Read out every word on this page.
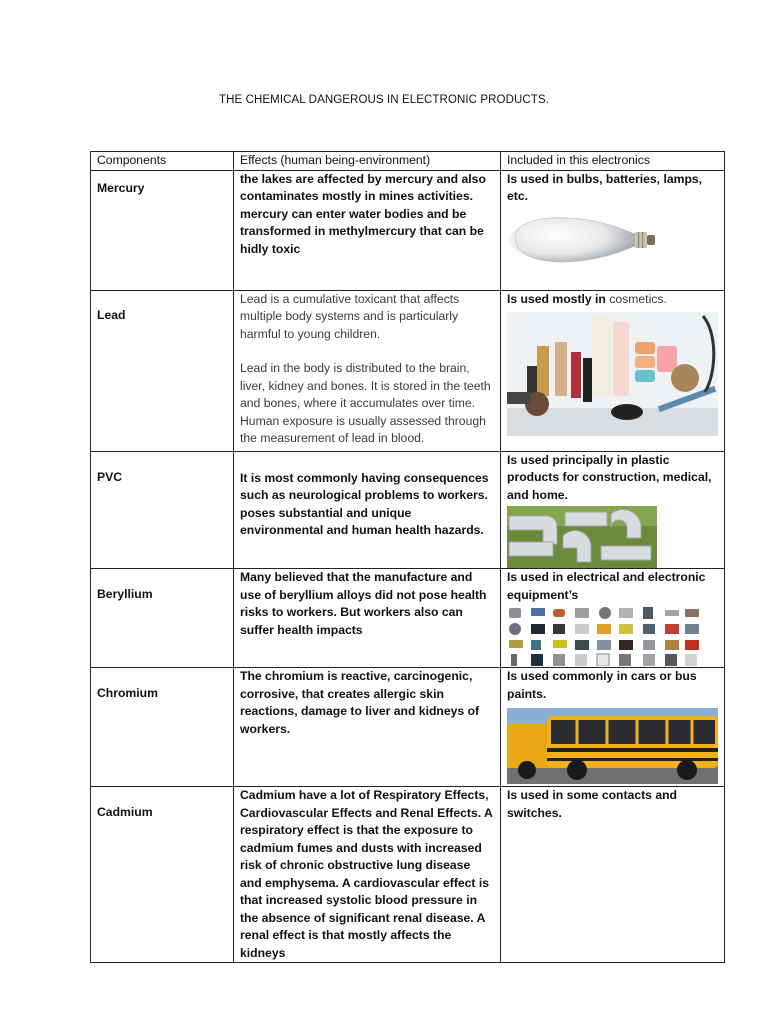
THE CHEMICAL DANGEROUS IN ELECTRONIC PRODUCTS.
Components	Effects (human being-environment)	Included in this electronics

Mercury	the lakes are affected by mercury and also contaminates mostly in mines activities. mercury can enter water bodies and be transformed in methylmercury that can be hidly toxic	Is used in bulbs, batteries, lamps, etc.

Lead	Lead is a cumulative toxicant that affects multiple body systems and is particularly harmful to young children.
Lead in the body is distributed to the brain, liver, kidney and bones. It is stored in the teeth and bones, where it accumulates over time. Human exposure is usually assessed through the measurement of lead in blood.	Is used mostly in cosmetics.

PVC	It is most commonly having consequences such as neurological problems to workers. poses substantial and unique environmental and human health hazards.	Is used principally in plastic products for construction, medical, and home.

Beryllium	Many believed that the manufacture and use of beryllium alloys did not pose health risks to workers. But workers also can suffer health impacts	Is used in electrical and electronic equipment’s

Chromium	The chromium is reactive, carcinogenic, corrosive, that creates allergic skin reactions, damage to liver and kidneys of workers.	Is used commonly in cars or bus paints.

Cadmium	Cadmium have a lot of Respiratory Effects, Cardiovascular Effects and Renal Effects. A respiratory effect is that the exposure to cadmium fumes and dusts with increased risk of chronic obstructive lung disease and emphysema. A cardiovascular effect is that increased systolic blood pressure in the absence of significant renal disease. A renal effect is that mostly affects the kidneys	Is used in some contacts and switches.
